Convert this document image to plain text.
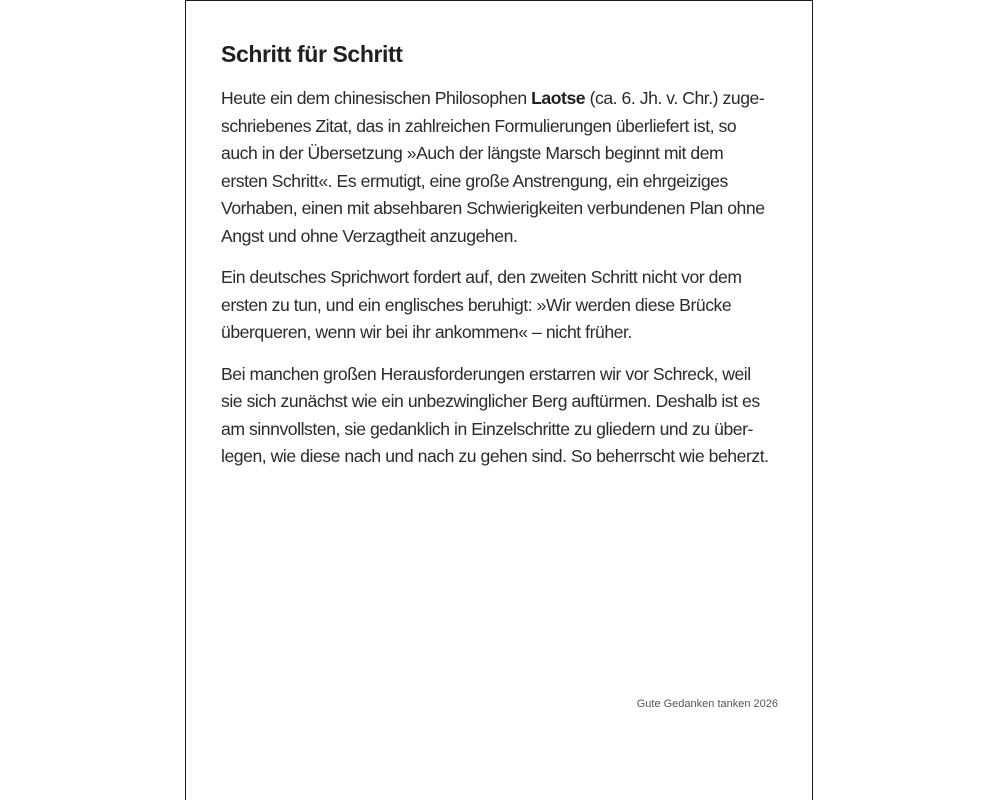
Schritt für Schritt

Heute ein dem chinesischen Philosophen Laotse (ca. 6. Jh. v. Chr.) zuge-
schriebenes Zitat, das in zahlreichen Formulierungen überliefert ist, so
auch in der Übersetzung »Auch der längste Marsch beginnt mit dem
ersten Schritt«. Es ermutigt, eine große Anstrengung, ein ehrgeiziges
Vorhaben, einen mit absehbaren Schwierigkeiten verbundenen Plan ohne
Angst und ohne Verzagtheit anzugehen.

Ein deutsches Sprichwort fordert auf, den zweiten Schritt nicht vor dem
ersten zu tun, und ein englisches beruhigt: »Wir werden diese Brücke
überqueren, wenn wir bei ihr ankommen« – nicht früher.

Bei manchen großen Herausforderungen erstarren wir vor Schreck, weil
sie sich zunächst wie ein unbezwinglicher Berg auftürmen. Deshalb ist es
am sinnvollsten, sie gedanklich in Einzelschritte zu gliedern und zu über-
legen, wie diese nach und nach zu gehen sind. So beherrscht wie beherzt.

Gute Gedanken tanken 2026
